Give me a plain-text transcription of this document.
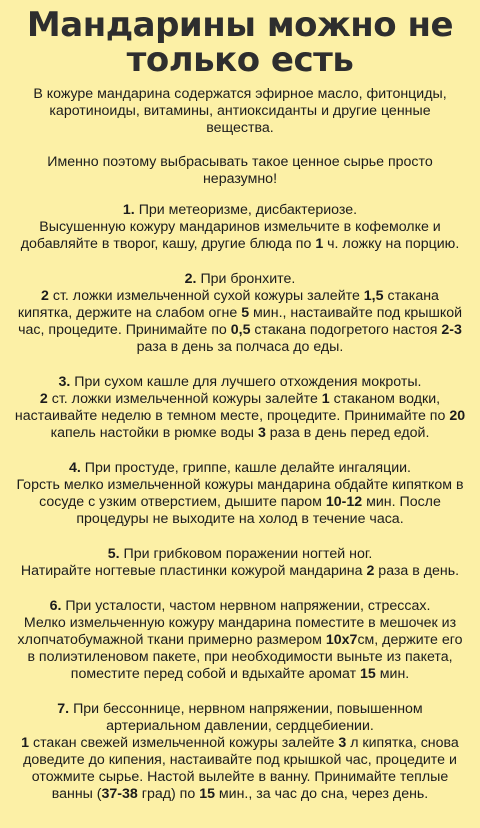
Мандарины можно не
только есть

В кожуре мандарина содержатся эфирное масло, фитонциды, каротиноиды, витамины, антиоксиданты и другие ценные вещества.

Именно поэтому выбрасывать такое ценное сырье просто неразумно!

1. При метеоризме, дисбактериозе.

Высушенную кожуру мандаринов измельчите в кофемолке и добавляйте в творог, кашу, другие блюда по 1 ч. ложку на порцию.

2. При бронхите.

2 ст. ложки измельченной сухой кожуры залейте 1,5 стакана кипятка, держите на слабом огне 5 мин., настаивайте под крышкой час, процедите. Принимайте по 0,5 стакана подогретого настоя 2-3 раза в день за полчаса до еды.

3. При сухом кашле для лучшего отхождения мокроты.

2 ст. ложки измельченной кожуры залейте 1 стаканом водки, настаивайте неделю в темном месте, процедите. Принимайте по 20 капель настойки в рюмке воды 3 раза в день перед едой.

4. При простуде, гриппе, кашле делайте ингаляции.

Горсть мелко измельченной кожуры мандарина обдайте кипятком в сосуде с узким отверстием, дышите паром 10-12 мин. После процедуры не выходите на холод в течение часа.

5. При грибковом поражении ногтей ног.

Натирайте ногтевые пластинки кожурой мандарина 2 раза в день.

6. При усталости, частом нервном напряжении, стрессах.

Мелко измельченную кожуру мандарина поместите в мешочек из хлопчатобумажной ткани примерно размером 10х7см, держите его в полиэтиленовом пакете, при необходимости выньте из пакета, поместите перед собой и вдыхайте аромат 15 мин.

7. При бессоннице, нервном напряжении, повышенном артериальном давлении, сердцебиении.

1 стакан свежей измельченной кожуры залейте 3 л кипятка, снова доведите до кипения, настаивайте под крышкой час, процедите и отожмите сырье. Настой вылейте в ванну. Принимайте теплые ванны (37-38 град) по 15 мин., за час до сна, через день.
